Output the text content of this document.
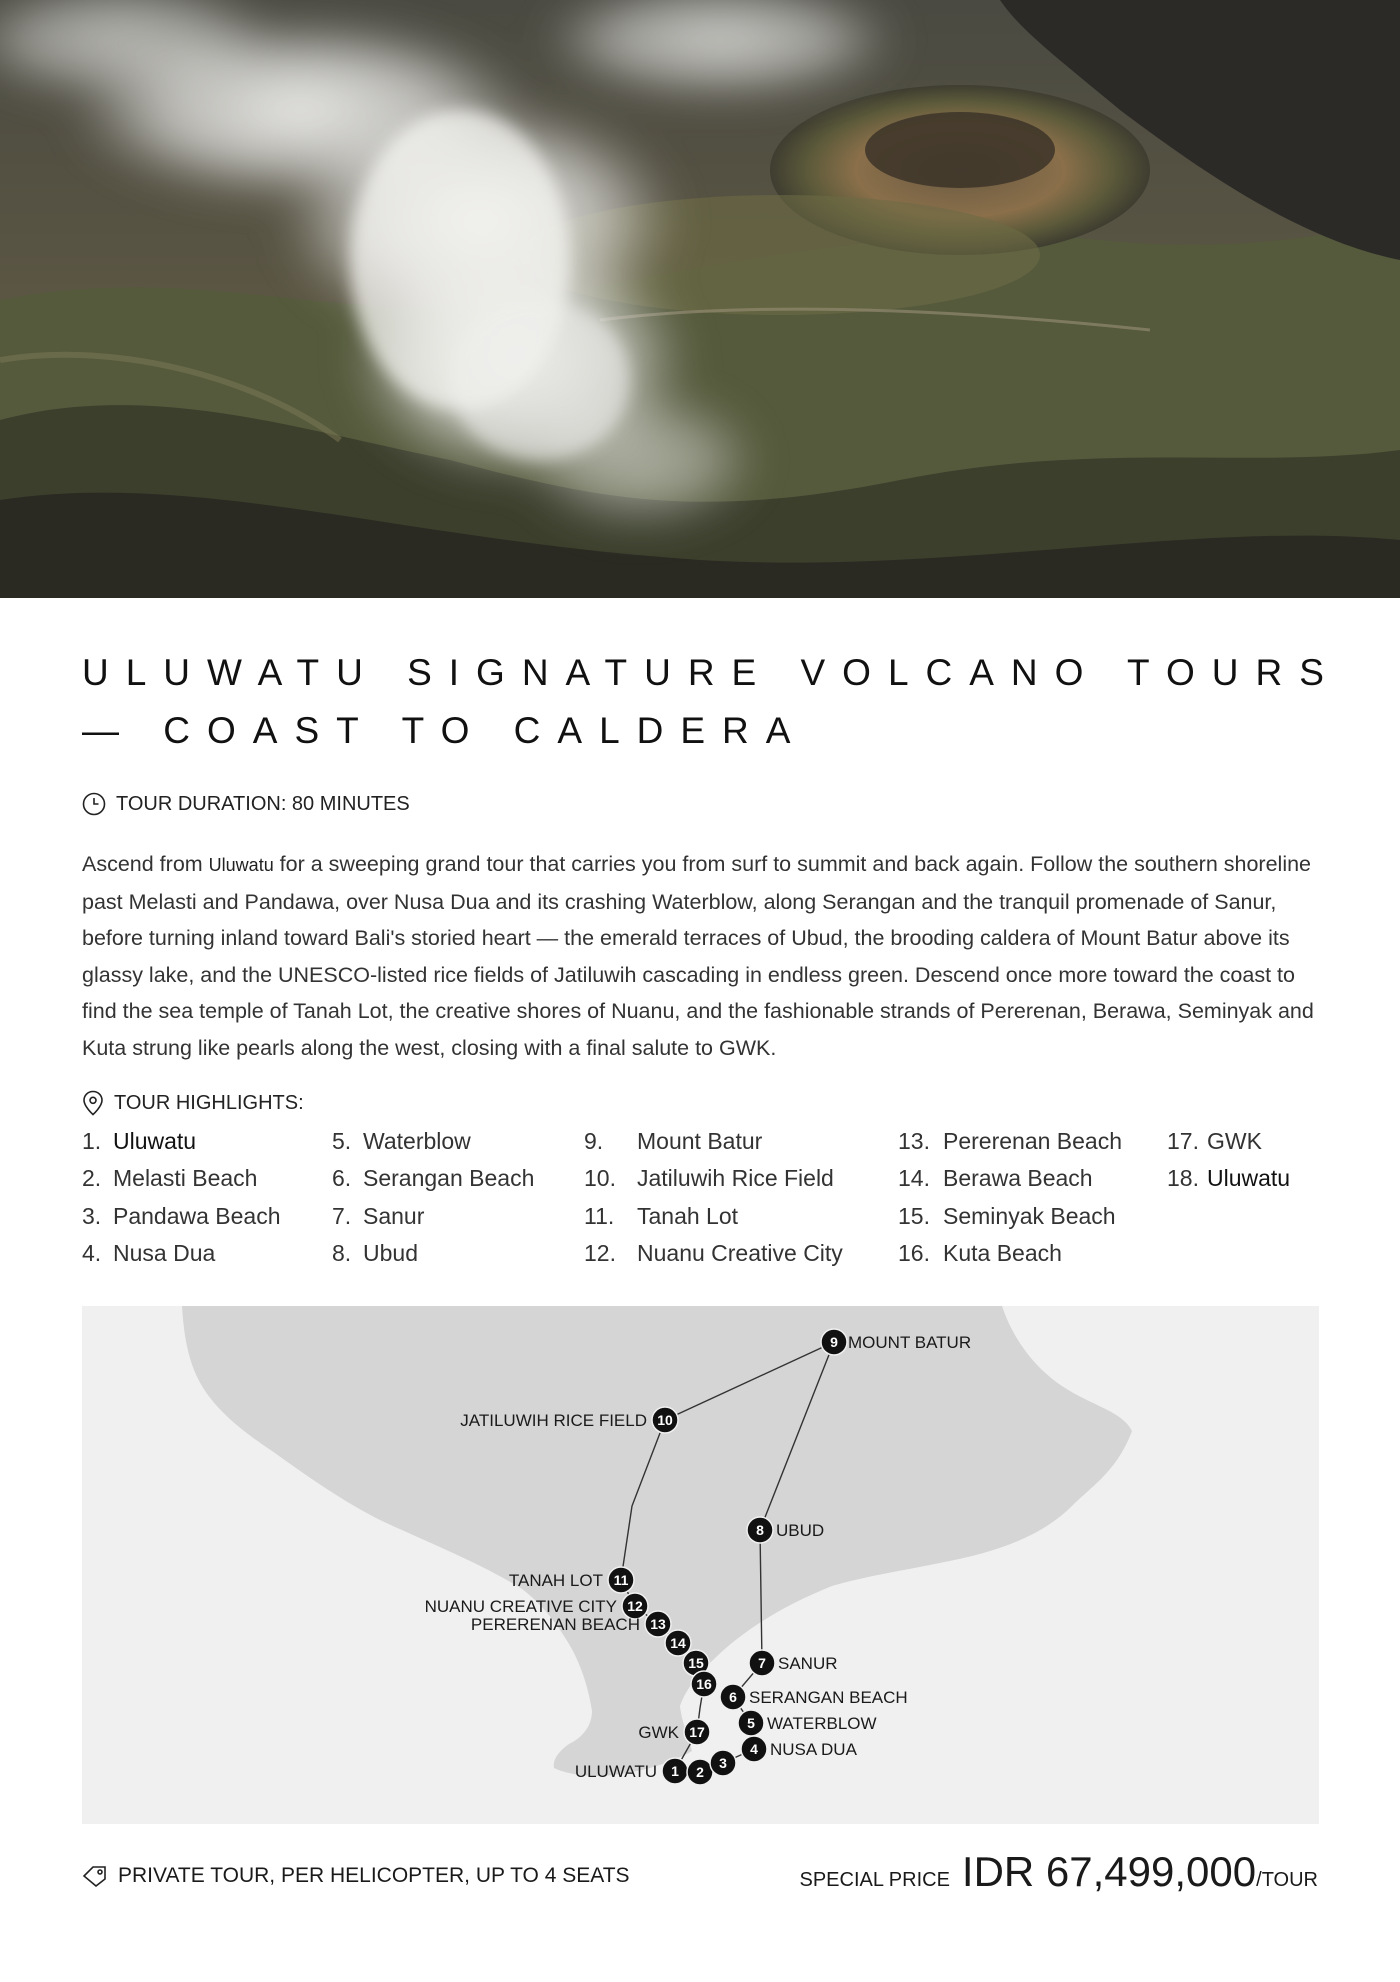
ULUWATU SIGNATURE VOLCANO TOURS — COAST TO CALDERA
TOUR DURATION: 80 MINUTES

Ascend from Uluwatu for a sweeping grand tour that carries you from surf to summit and back again. Follow the southern shoreline past Melasti and Pandawa, over Nusa Dua and its crashing Waterblow, along Serangan and the tranquil promenade of Sanur, before turning inland toward Bali's storied heart — the emerald terraces of Ubud, the brooding caldera of Mount Batur above its glassy lake, and the UNESCO-listed rice fields of Jatiluwih cascading in endless green. Descend once more toward the coast to find the sea temple of Tanah Lot, the creative shores of Nuanu, and the fashionable strands of Pererenan, Berawa, Seminyak and Kuta strung like pearls along the west, closing with a final salute to GWK.

TOUR HIGHLIGHTS:
1. Uluwatu
2. Melasti Beach
3. Pandawa Beach
4. Nusa Dua
5. Waterblow
6. Serangan Beach
7. Sanur
8. Ubud
9.	Mount Batur
10. Jatiluwih Rice Field
11. Tanah Lot
12. Nuanu Creative City
13. Pererenan Beach
14. Berawa Beach
15. Seminyak Beach
16. Kuta Beach
17. GWK
18. Uluwatu
1
ULUWATU	2
3
4 NUSA DUA
5 WATERBLOW
6 SERANGAN BEACH
7 SANUR
8 UBUD
9 MOUNT BATUR
10
JATILUWIH RICE FIELD
11
TANAH LOT
12
NUANU CREATIVE CITY
13
PERERENAN BEACH
14
15
16
17
GWK
PRIVATE TOUR, PER HELICOPTER, UP TO 4 SEATS	SPECIAL PRICE IDR 67,499,000 /TOUR
